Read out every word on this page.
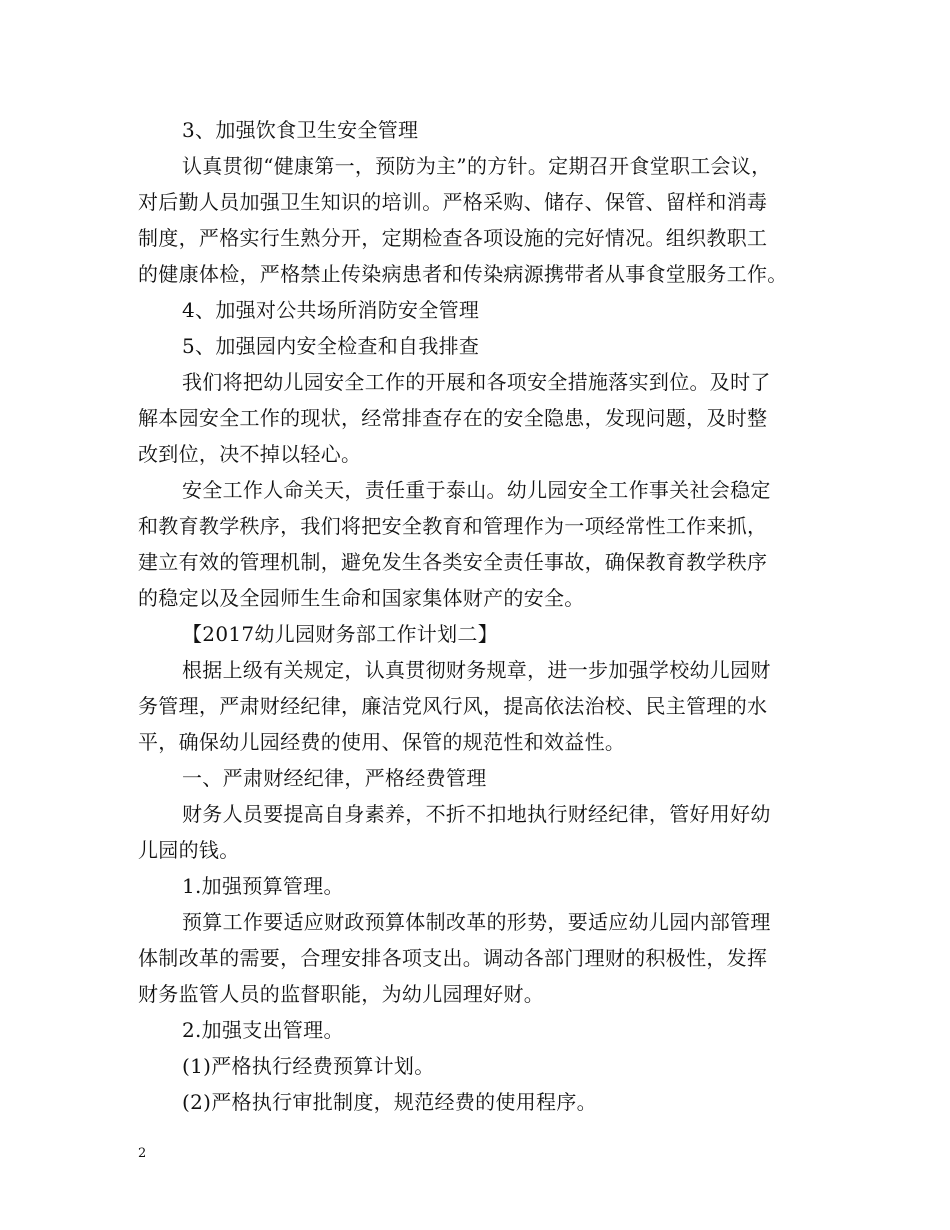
3、加强饮食卫生安全管理
认真贯彻“健康第一，预防为主”的方针。定期召开食堂职工会议，
对后勤人员加强卫生知识的培训。严格采购、储存、保管、留样和消毒
制度，严格实行生熟分开，定期检查各项设施的完好情况。组织教职工
的健康体检，严格禁止传染病患者和传染病源携带者从事食堂服务工作。
4、加强对公共场所消防安全管理
5、加强园内安全检查和自我排查
我们将把幼儿园安全工作的开展和各项安全措施落实到位。及时了
解本园安全工作的现状，经常排查存在的安全隐患，发现问题，及时整
改到位，决不掉以轻心。
安全工作人命关天，责任重于泰山。幼儿园安全工作事关社会稳定
和教育教学秩序，我们将把安全教育和管理作为一项经常性工作来抓，
建立有效的管理机制，避免发生各类安全责任事故，确保教育教学秩序
的稳定以及全园师生生命和国家集体财产的安全。
【2017幼儿园财务部工作计划二】
根据上级有关规定，认真贯彻财务规章，进一步加强学校幼儿园财
务管理，严肃财经纪律，廉洁党风行风，提高依法治校、民主管理的水
平，确保幼儿园经费的使用、保管的规范性和效益性。
一、严肃财经纪律，严格经费管理
财务人员要提高自身素养，不折不扣地执行财经纪律，管好用好幼
儿园的钱。
1.加强预算管理。
预算工作要适应财政预算体制改革的形势，要适应幼儿园内部管理
体制改革的需要，合理安排各项支出。调动各部门理财的积极性，发挥
财务监管人员的监督职能，为幼儿园理好财。
2.加强支出管理。
(1)严格执行经费预算计划。
(2)严格执行审批制度，规范经费的使用程序。
2
